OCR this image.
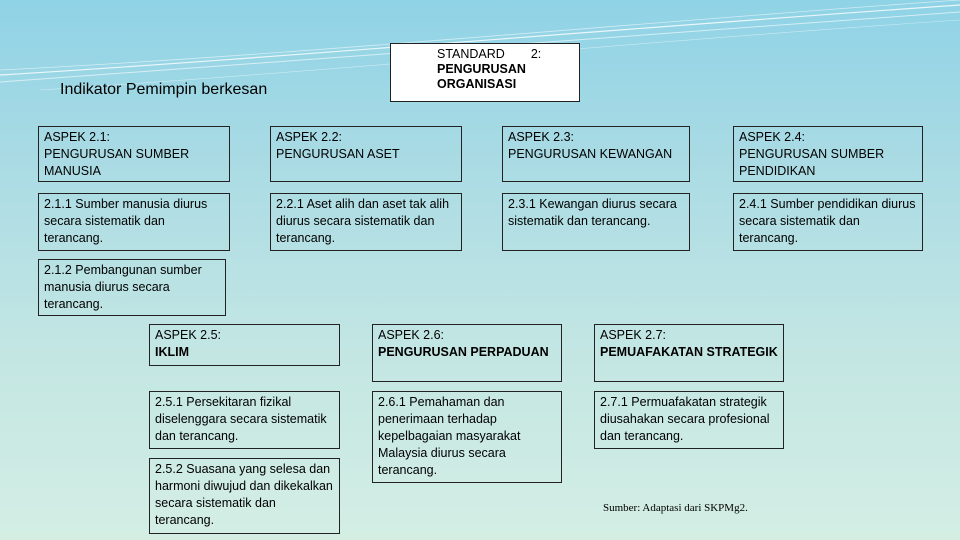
Indikator Pemimpin berkesan
STANDARD 2:
PENGURUSAN
ORGANISASI
ASPEK 2.1:
PENGURUSAN SUMBER MANUSIA
ASPEK 2.2:
PENGURUSAN ASET
ASPEK 2.3:
PENGURUSAN KEWANGAN
ASPEK 2.4:
PENGURUSAN SUMBER PENDIDIKAN
2.1.1 Sumber manusia diurus secara sistematik dan terancang.
2.2.1 Aset alih dan aset tak alih diurus secara sistematik dan terancang.
2.3.1 Kewangan diurus secara sistematik dan terancang.
2.4.1 Sumber pendidikan diurus secara sistematik dan terancang.
2.1.2 Pembangunan sumber manusia diurus secara terancang.
ASPEK 2.5:
IKLIM
ASPEK 2.6:
PENGURUSAN PERPADUAN
ASPEK 2.7:
PEMUAFAKATAN STRATEGIK
2.5.1 Persekitaran fizikal diselenggara secara sistematik dan terancang.
2.6.1 Pemahaman dan penerimaan terhadap kepelbagaian masyarakat Malaysia diurus secara terancang.
2.7.1 Permuafakatan strategik diusahakan secara profesional dan terancang.
2.5.2 Suasana yang selesa dan harmoni diwujud dan dikekalkan secara sistematik dan terancang.
Sumber: Adaptasi dari SKPMg2.
